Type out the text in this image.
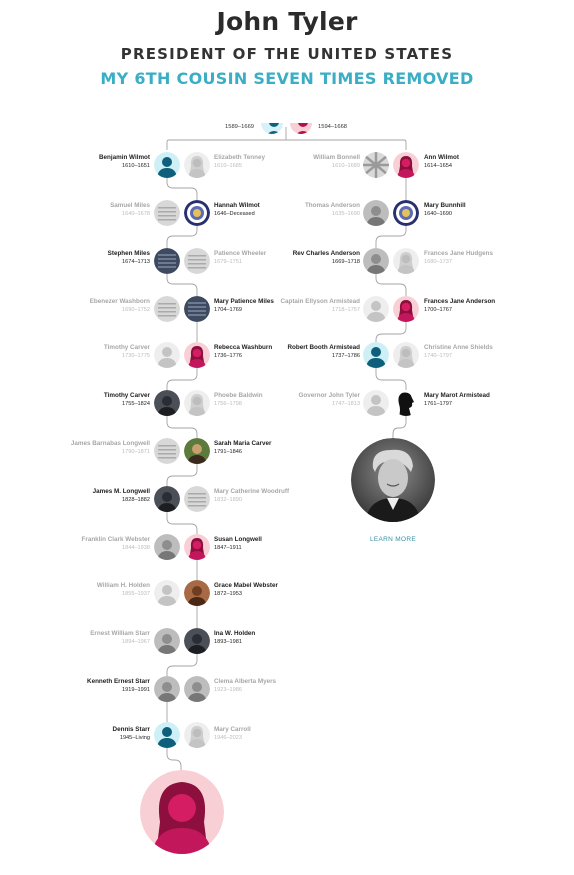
John Tyler
PRESIDENT OF THE UNITED STATES
MY 6TH COUSIN SEVEN TIMES REMOVED
1589–1669	1594–1668
Benjamin Wilmot
1610–1651
Elizabeth Tenney
1610–1685
Samuel Miles
1640–1678
Hannah Wilmot
1646–Deceased
Stephen Miles
1674–1713
Patience Wheeler
1679–1751
Ebenezer Washborn
1690–1752
Mary Patience Miles
1704–1769
Timothy Carver
1730–1775
Rebecca Washburn
1736–1776
Timothy Carver
1755–1824
Phoebe Baldwin
1756–1798
James Barnabas Longwell
1790–1871
Sarah Maria Carver
1791–1846
James M. Longwell
1828–1882
Mary Catherine Woodruff
1832–1890
Franklin Clark Webster
1844–1938
Susan Longwell
1847–1911
William H. Holden
1855–1937
Grace Mabel Webster
1872–1953
Ernest William Starr
1894–1967
Ina W. Holden
1893–1981
Kenneth Ernest Starr
1919–1991
Clema Alberta Myers
1923–1986
Dennis Starr
1945–Living
Mary Carroll
1946–2023
William Bonnell
1610–1689
Ann Wilmot
1614–1654
Thomas Anderson
1635–1690
Mary Bunnhill
1640–1690
Rev Charles Anderson
1669–1718
Frances Jane Hudgens
1680–1737
Captain Ellyson Armistead
1718–1757
Frances Jane Anderson
1700–1767
Robert Booth Armistead
1737–1786
Christine Anne Shields
1740–1797
Governor John Tyler
1747–1813
Mary Marot Armistead
1761–1797
LEARN MORE
